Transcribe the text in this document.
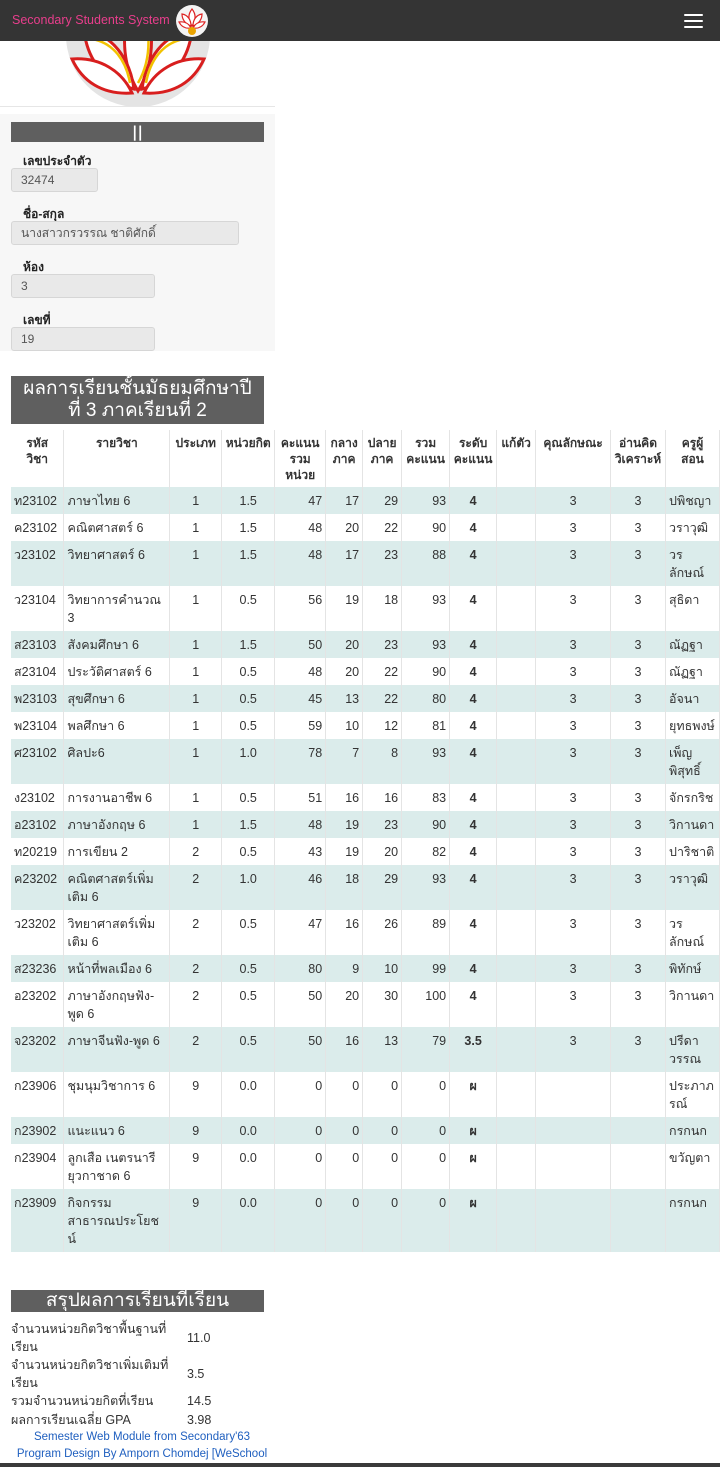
Secondary Students System
||
เลขประจำตัว
32474
ชื่อ-สกุล
นางสาวกรวรรณ ชาติศักดิ์
ห้อง
3
เลขที่
19
ผลการเรียนชั้นมัธยมศึกษาปี
ที่ 3 ภาคเรียนที่ 2
รหัส วิชา	รายวิชา	ประเภท	หน่วยกิต	คะแนน รวม หน่วย	กลาง ภาค	ปลาย ภาค	รวม คะแนน	ระดับ คะแนน	แก้ตัว	คุณลักษณะ	อ่านคิด วิเคราะห์	ครูผู้ สอน
ท23102	ภาษาไทย 6	1	1.5	47	17	29	93	4		3	3	ปพิชญา
ค23102	คณิตศาสตร์ 6	1	1.5	48	20	22	90	4		3	3	วราวุฒิ
ว23102	วิทยาศาสตร์ 6	1	1.5	48	17	23	88	4		3	3	วรลักษณ์
ว23104	วิทยาการคำนวณ 3	1	0.5	56	19	18	93	4		3	3	สุธิดา
ส23103	สังคมศึกษา 6	1	1.5	50	20	23	93	4		3	3	ณัฏฐา
ส23104	ประวัติศาสตร์ 6	1	0.5	48	20	22	90	4		3	3	ณัฏฐา
พ23103	สุขศึกษา 6	1	0.5	45	13	22	80	4		3	3	อัจนา
พ23104	พลศึกษา 6	1	0.5	59	10	12	81	4		3	3	ยุทธพงษ์
ศ23102	ศิลปะ6	1	1.0	78	7	8	93	4		3	3	เพ็ญพิสุทธิ์
ง23102	การงานอาชีพ 6	1	0.5	51	16	16	83	4		3	3	จักรกริช
อ23102	ภาษาอังกฤษ 6	1	1.5	48	19	23	90	4		3	3	วิกานดา
ท20219	การเขียน 2	2	0.5	43	19	20	82	4		3	3	ปาริชาติ
ค23202	คณิตศาสตร์เพิ่มเติม 6	2	1.0	46	18	29	93	4		3	3	วราวุฒิ
ว23202	วิทยาศาสตร์เพิ่มเติม 6	2	0.5	47	16	26	89	4		3	3	วรลักษณ์
ส23236	หน้าที่พลเมือง 6	2	0.5	80	9	10	99	4		3	3	พิทักษ์
อ23202	ภาษาอังกฤษฟัง-พูด 6	2	0.5	50	20	30	100	4		3	3	วิกานดา
จ23202	ภาษาจีนฟัง-พูด 6	2	0.5	50	16	13	79	3.5		3	3	ปรีดาวรรณ
ก23906	ชุมนุมวิชาการ 6	9	0.0	0	0	0	0	ผ				ประภาภรณ์
ก23902	แนะแนว 6	9	0.0	0	0	0	0	ผ				กรกนก
ก23904	ลูกเสือ เนตรนารียุวกาชาด 6	9	0.0	0	0	0	0	ผ				ขวัญตา
ก23909	กิจกรรมสาธารณประโยชน์	9	0.0	0	0	0	0	ผ				กรกนก
สรุปผลการเรียนที่เรียน
จำนวนหน่วยกิตวิชาพื้นฐานที่เรียน11.0
จำนวนหน่วยกิตวิชาเพิ่มเติมที่เรียน3.5
รวมจำนวนหน่วยกิตที่เรียน	14.5
ผลการเรียนเฉลี่ย GPA	3.98
Semester Web Module from Secondary'63
Program Design By Amporn Chomdej [WeSchool
